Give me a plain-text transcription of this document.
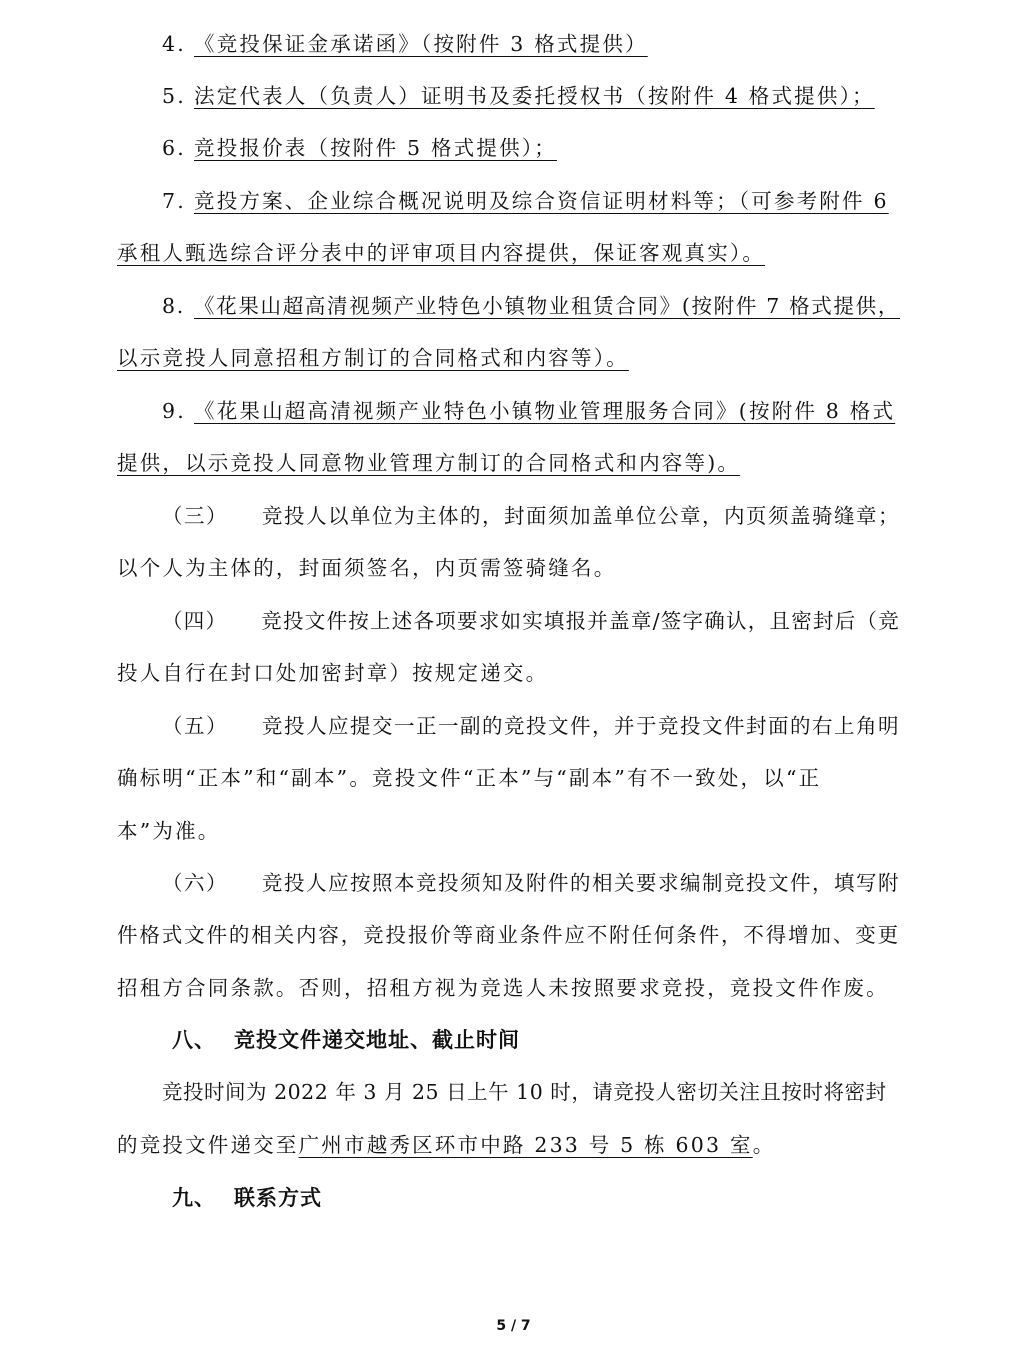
4. 《竞投保证金承诺函》（按附件 3 格式提供）
5. 法定代表人（负责人）证明书及委托授权书（按附件 4 格式提供）；
6. 竞投报价表（按附件 5 格式提供）；
7. 竞投方案、企业综合概况说明及综合资信证明材料等；（可参考附件 6
承租人甄选综合评分表中的评审项目内容提供，保证客观真实）。
8. 《花果山超高清视频产业特色小镇物业租赁合同》(按附件 7 格式提供，
以示竞投人同意招租方制订的合同格式和内容等）。
9. 《花果山超高清视频产业特色小镇物业管理服务合同》(按附件 8 格式
提供，以示竞投人同意物业管理方制订的合同格式和内容等)。
（三） 竞投人以单位为主体的，封面须加盖单位公章，内页须盖骑缝章；
以个人为主体的，封面须签名，内页需签骑缝名。
（四） 竞投文件按上述各项要求如实填报并盖章/签字确认，且密封后（竞
投人自行在封口处加密封章）按规定递交。
（五） 竞投人应提交一正一副的竞投文件，并于竞投文件封面的右上角明
确标明“正本”和“副本”。竞投文件“正本”与“副本”有不一致处，以“正
本”为准。
（六） 竞投人应按照本竞投须知及附件的相关要求编制竞投文件，填写附
件格式文件的相关内容，竞投报价等商业条件应不附任何条件，不得增加、变更
招租方合同条款。否则，招租方视为竞选人未按照要求竞投，竞投文件作废。
八、 竞投文件递交地址、截止时间
竞投时间为 2022 年 3 月 25 日上午 10 时，请竞投人密切关注且按时将密封
的竞投文件递交至广州市越秀区环市中路 233 号 5 栋 603 室。
九、 联系方式
5 / 7
